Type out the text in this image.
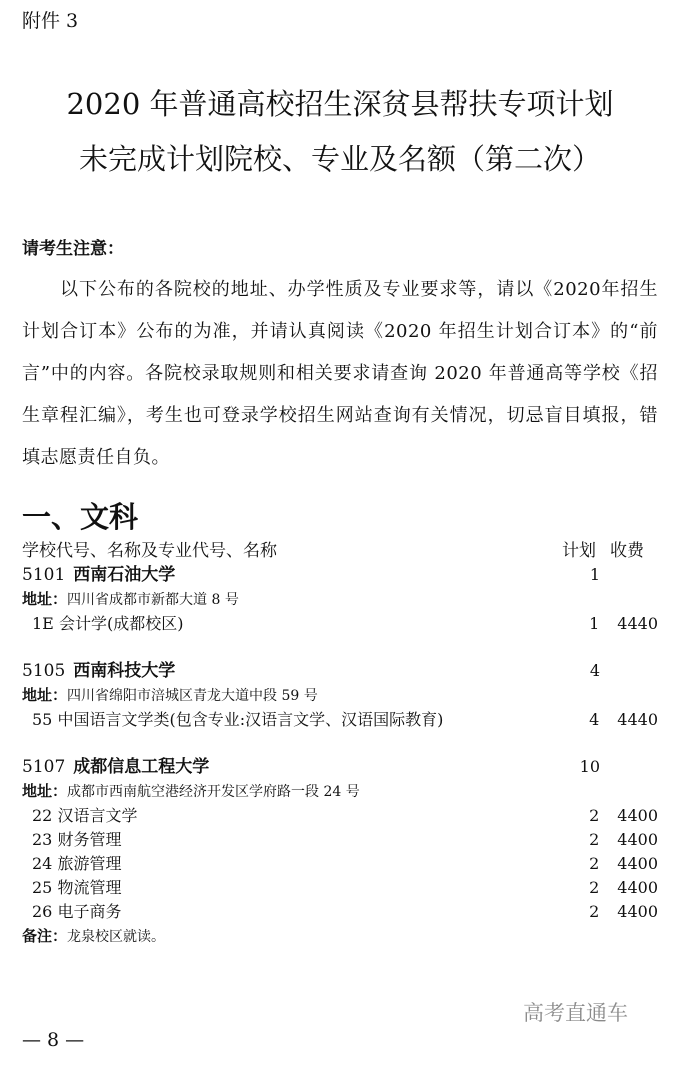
附件 3
2020 年普通高校招生深贫县帮扶专项计划
未完成计划院校、专业及名额（第二次）
请考生注意：
以下公布的各院校的地址、办学性质及专业要求等，请以《2020年招生计划合订本》公布的为准，并请认真阅读《2020 年招生计划合订本》的“前言”中的内容。各院校录取规则和相关要求请查询 2020 年普通高等学校《招生章程汇编》，考生也可登录学校招生网站查询有关情况，切忌盲目填报，错填志愿责任自负。
一、文科
学校代号、名称及专业代号、名称	计划 收费
5101 西南石油大学	1
地址：四川省成都市新都大道 8 号
1E 会计学(成都校区)	1	4440
5105 西南科技大学	4
地址：四川省绵阳市涪城区青龙大道中段 59 号
55 中国语言文学类(包含专业:汉语言文学、汉语国际教育)	4	4440
5107 成都信息工程大学	10
地址：成都市西南航空港经济开发区学府路一段 24 号
22 汉语言文学	2	4400
23 财务管理	2	4400
24 旅游管理	2	4400
25 物流管理	2	4400
26 电子商务	2	4400
备注：龙泉校区就读。
高考直通车
— 8 —
